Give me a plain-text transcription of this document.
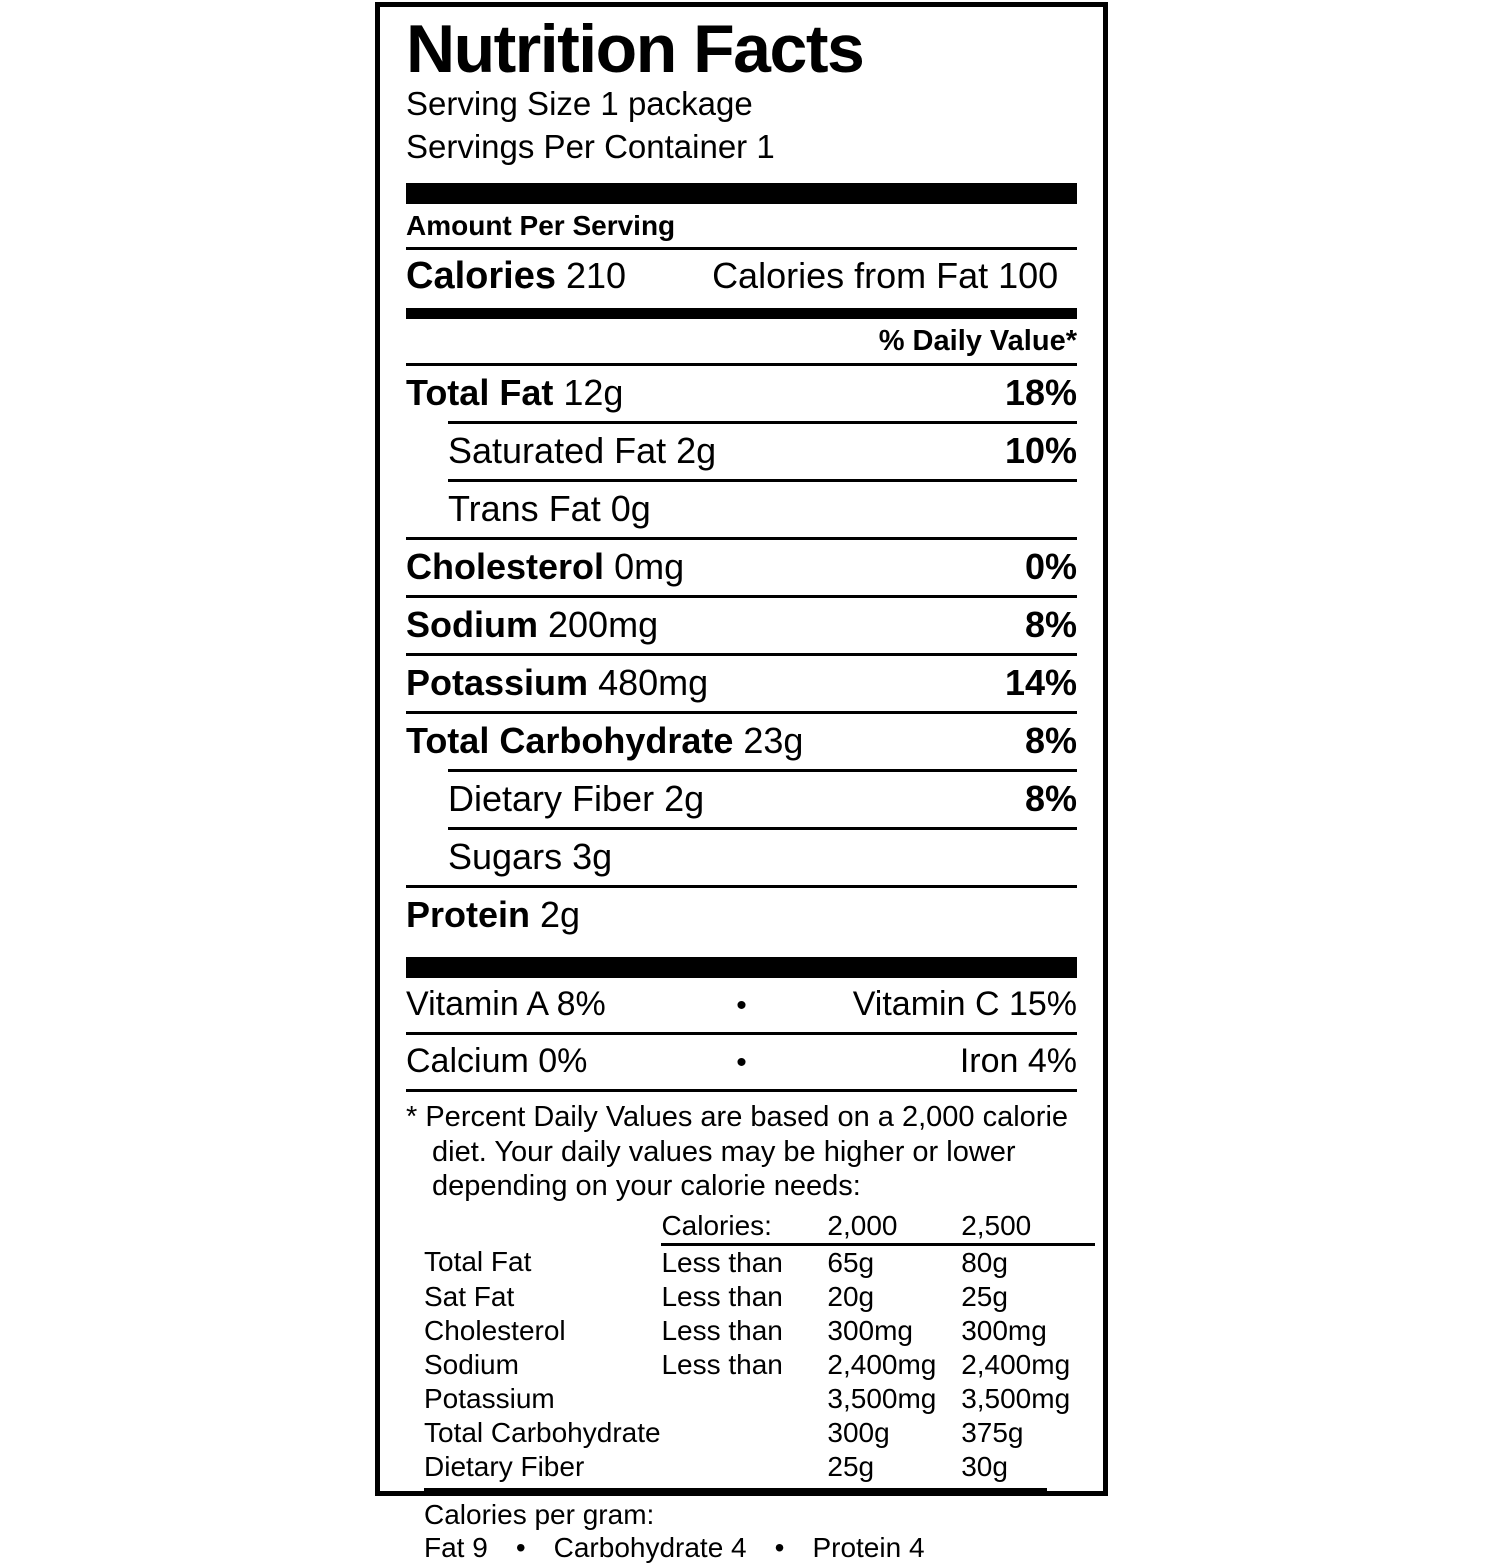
Nutrition Facts
Serving Size 1 package
Servings Per Container 1
Amount Per Serving
Calories
210 Calories from Fat 100
% Daily Value*
Total Fat 12g	18%
Saturated Fat 2g	10%
Trans Fat 0g
Cholesterol 0mg	0%
Sodium 200mg	8%
Potassium 480mg	14%
Total Carbohydrate 23g	8%
Dietary Fiber 2g	8%
Sugars 3g
Protein 2g
Vitamin A 8%	•	Vitamin C 15%
Calcium 0%	•	Iron 4%
* Percent Daily Values are based on a 2,000 calorie
diet. Your daily values may be higher or lower
depending on your calorie needs:
	Calories:	2,000	2,500
Total Fat	Less than	65g	80g
Sat Fat	Less than	20g	25g
Cholesterol	Less than	300mg	300mg
Sodium	Less than	2,400mg	2,400mg
Potassium		3,500mg	3,500mg
Total Carbohydrate		300g	375g
Dietary Fiber		25g	30g
Calories per gram:
Fat 9	•	Carbohydrate 4	•	Protein 4
